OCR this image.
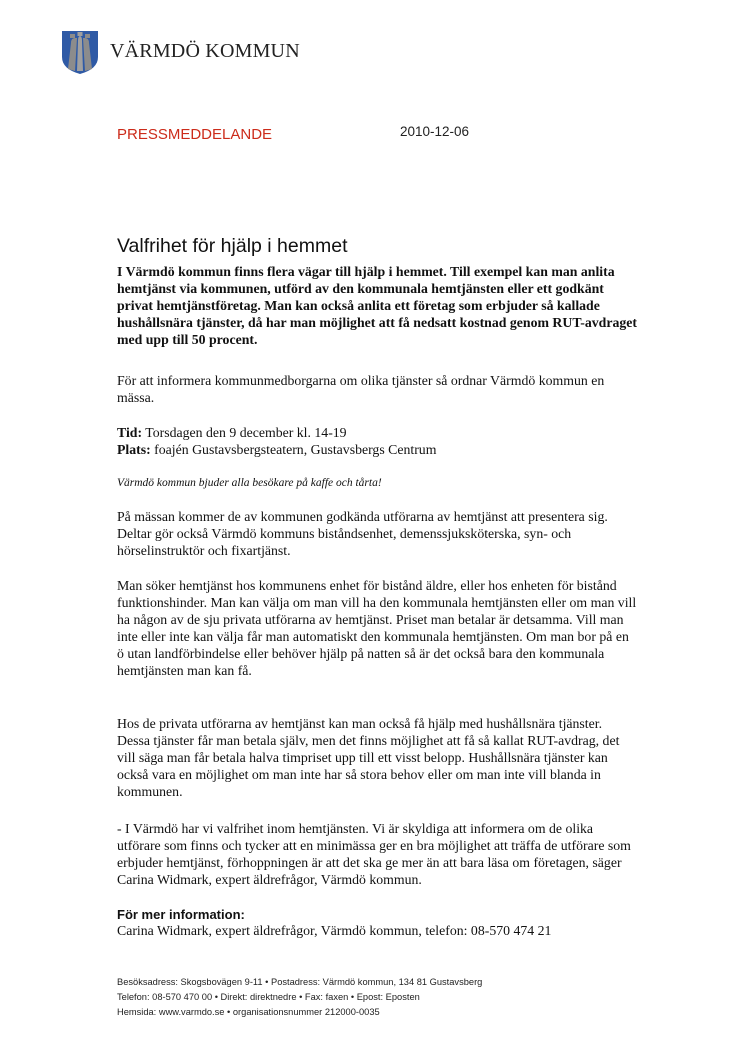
VÄRMDÖ KOMMUN
PRESSMEDDELANDE	2010-12-06
Valfrihet för hjälp i hemmet

I Värmdö kommun finns flera vägar till hjälp i hemmet. Till exempel kan man anlita hemtjänst via kommunen, utförd av den kommunala hemtjänsten eller ett godkänt privat hemtjänstföretag. Man kan också anlita ett företag som erbjuder så kallade hushållsnära tjänster, då har man möjlighet att få nedsatt kostnad genom RUT-avdraget med upp till 50 procent.

För att informera kommunmedborgarna om olika tjänster så ordnar Värmdö kommun en mässa.

Tid: Torsdagen den 9 december kl. 14-19
Plats: foajén Gustavsbergsteatern, Gustavsbergs Centrum

Värmdö kommun bjuder alla besökare på kaffe och tårta!

På mässan kommer de av kommunen godkända utförarna av hemtjänst att presentera sig. Deltar gör också Värmdö kommuns biståndsenhet, demenssjuksköterska, syn- och hörselinstruktör och fixartjänst.

Man söker hemtjänst hos kommunens enhet för bistånd äldre, eller hos enheten för bistånd funktionshinder. Man kan välja om man vill ha den kommunala hemtjänsten eller om man vill ha någon av de sju privata utförarna av hemtjänst. Priset man betalar är detsamma. Vill man inte eller inte kan välja får man automatiskt den kommunala hemtjänsten. Om man bor på en ö utan landförbindelse eller behöver hjälp på natten så är det också bara den kommunala hemtjänsten man kan få.

Hos de privata utförarna av hemtjänst kan man också få hjälp med hushållsnära tjänster. Dessa tjänster får man betala själv, men det finns möjlighet att få så kallat RUT-avdrag, det vill säga man får betala halva timpriset upp till ett visst belopp. Hushållsnära tjänster kan också vara en möjlighet om man inte har så stora behov eller om man inte vill blanda in kommunen.

- I Värmdö har vi valfrihet inom hemtjänsten. Vi är skyldiga att informera om de olika utförare som finns och tycker att en minimässa ger en bra möjlighet att träffa de utförare som erbjuder hemtjänst, förhoppningen är att det ska ge mer än att bara läsa om företagen, säger Carina Widmark, expert äldrefrågor, Värmdö kommun.

För mer information:
Carina Widmark, expert äldrefrågor, Värmdö kommun, telefon: 08-570 474 21
Besöksadress: Skogsbovägen 9-11 • Postadress: Värmdö kommun, 134 81 Gustavsberg
Telefon: 08-570 470 00 • Direkt: direktnedre • Fax: faxen • Epost: Eposten
Hemsida: www.varmdo.se • organisationsnummer 212000-0035
